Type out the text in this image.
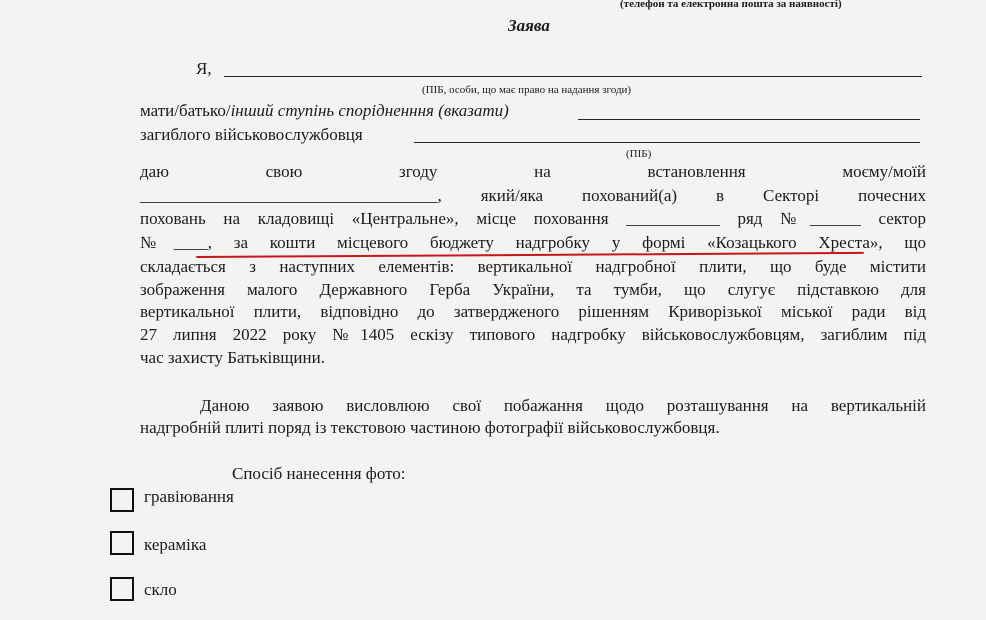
(телефон та електронна пошта за наявності)
Заява
Я,
(ПІБ, особи, що має право на надання згоди)
мати/батько/інший ступінь спорідненння (вказати)
загиблого військовослужбовця
(ПІБ)
даю	свою	згоду	на	встановлення	моєму/моїй
___________________________________, який/яка похований(а) в Секторі почесних
поховань на кладовищі «Центральне», місце поховання ___________ ряд №______ сектор
№____, за кошти місцевого бюджету надгробку у формі «Козацького Хреста», що
складається з наступних елементів: вертикальної надгробної плити, що буде містити
зображення малого Державного Герба України, та тумби, що слугує підставкою для
вертикальної плити, відповідно до затвердженого рішенням Криворізької міської ради від
27 липня 2022 року №1405 ескізу типового надгробку військовослужбовцям, загиблим під
час захисту Батьківщини.
Даною заявою висловлюю свої побажання щодо розташування на вертикальній
надгробній плиті поряд із текстовою частиною фотографії військовослужбовця.
Спосіб нанесення фото:
гравіювання
кераміка
скло
